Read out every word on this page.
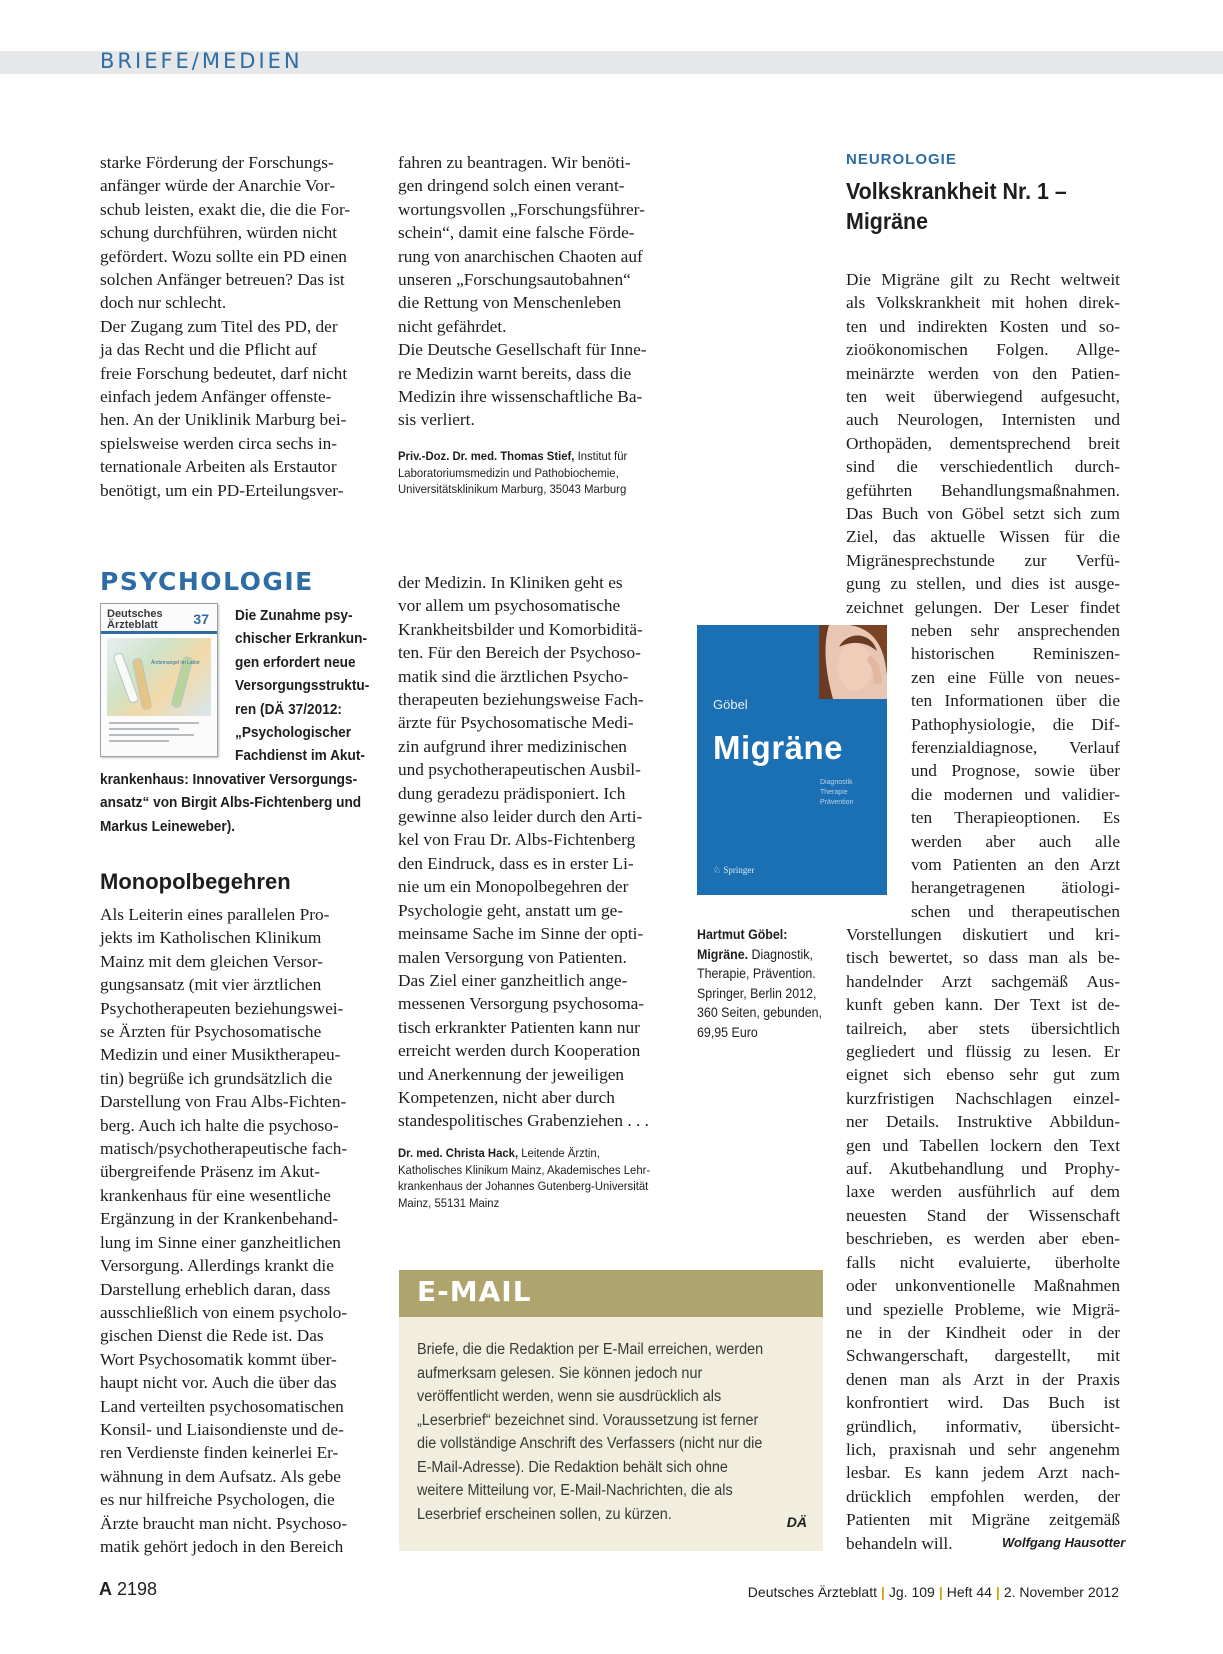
BRIEFE/MEDIEN
starke Förderung der Forschungs-
anfänger würde der Anarchie Vor-
schub leisten, exakt die, die die For-
schung durchführen, würden nicht
gefördert. Wozu sollte ein PD einen
solchen Anfänger betreuen? Das ist
doch nur schlecht.
Der Zugang zum Titel des PD, der
ja das Recht und die Pflicht auf
freie Forschung bedeutet, darf nicht
einfach jedem Anfänger offenste-
hen. An der Uniklinik Marburg bei-
spielsweise werden circa sechs in-
ternationale Arbeiten als Erstautor
benötigt, um ein PD-Erteilungsver-
fahren zu beantragen. Wir benöti-
gen dringend solch einen verant-
wortungsvollen „Forschungsführer-
schein“, damit eine falsche Förde-
rung von anarchischen Chaoten auf
unseren „Forschungsautobahnen“
die Rettung von Menschenleben
nicht gefährdet.
Die Deutsche Gesellschaft für Inne-
re Medizin warnt bereits, dass die
Medizin ihre wissenschaftliche Ba-
sis verliert.
Priv.-Doz. Dr. med. Thomas Stief, Institut für
Laboratoriumsmedizin und Pathobiochemie,
Universitätsklinikum Marburg, 35043 Marburg
PSYCHOLOGIE
Deutsches
Ärzteblatt	37
Ärztemangel im Labor
Die Zunahme psy-
chischer Erkrankun-
gen erfordert neue
Versorgungsstruktu-
ren (DÄ 37/2012:
„Psychologischer
Fachdienst im Akut-
krankenhaus: Innovativer Versorgungs-
ansatz“ von Birgit Albs-Fichtenberg und
Markus Leineweber).
Monopolbegehren
Als Leiterin eines parallelen Pro-
jekts im Katholischen Klinikum
Mainz mit dem gleichen Versor-
gungsansatz (mit vier ärztlichen
Psychotherapeuten beziehungswei-
se Ärzten für Psychosomatische
Medizin und einer Musiktherapeu-
tin) begrüße ich grundsätzlich die
Darstellung von Frau Albs-Fichten-
berg. Auch ich halte die psychoso-
matisch/psychotherapeutische fach-
übergreifende Präsenz im Akut-
krankenhaus für eine wesentliche
Ergänzung in der Krankenbehand-
lung im Sinne einer ganzheitlichen
Versorgung. Allerdings krankt die
Darstellung erheblich daran, dass
ausschließlich von einem psycholo-
gischen Dienst die Rede ist. Das
Wort Psychosomatik kommt über-
haupt nicht vor. Auch die über das
Land verteilten psychosomatischen
Konsil- und Liaisondienste und de-
ren Verdienste finden keinerlei Er-
wähnung in dem Aufsatz. Als gebe
es nur hilfreiche Psychologen, die
Ärzte braucht man nicht. Psychoso-
matik gehört jedoch in den Bereich
der Medizin. In Kliniken geht es
vor allem um psychosomatische
Krankheitsbilder und Komorbiditä-
ten. Für den Bereich der Psychoso-
matik sind die ärztlichen Psycho-
therapeuten beziehungsweise Fach-
ärzte für Psychosomatische Medi-
zin aufgrund ihrer medizinischen
und psychotherapeutischen Ausbil-
dung geradezu prädisponiert. Ich
gewinne also leider durch den Arti-
kel von Frau Dr. Albs-Fichtenberg
den Eindruck, dass es in erster Li-
nie um ein Monopolbegehren der
Psychologie geht, anstatt um ge-
meinsame Sache im Sinne der opti-
malen Versorgung von Patienten.
Das Ziel einer ganzheitlich ange-
messenen Versorgung psychosoma-
tisch erkrankter Patienten kann nur
erreicht werden durch Kooperation
und Anerkennung der jeweiligen
Kompetenzen, nicht aber durch
standespolitisches Grabenziehen . . .
Dr. med. Christa Hack, Leitende Ärztin,
Katholisches Klinikum Mainz, Akademisches Lehr-
krankenhaus der Johannes Gutenberg-Universität
Mainz, 55131 Mainz
E-MAIL
Briefe, die die Redaktion per E-Mail erreichen, werden aufmerksam gelesen. Sie können jedoch nur veröffentlicht werden, wenn sie ausdrücklich als „Leserbrief“ bezeichnet sind. Voraussetzung ist ferner die vollständige Anschrift des Verfassers (nicht nur die E-Mail-Adresse). Die Redaktion behält sich ohne weitere Mitteilung vor, E-Mail-Nachrichten, die als Leserbrief erscheinen sollen, zu kürzen.	DÄ
Göbel
Migräne
Diagnostik
Therapie
Prävention
♘ Springer
Hartmut Göbel:
Migräne. Diagnostik,
Therapie, Prävention.
Springer, Berlin 2012,
360 Seiten, gebunden,
69,95 Euro
NEUROLOGIE
Volkskrankheit Nr. 1 –
Migräne
Die Migräne gilt zu Recht weltweit
als Volkskrankheit mit hohen direk-
ten und indirekten Kosten und so-
zioökonomischen Folgen. Allge-
meinärzte werden von den Patien-
ten weit überwiegend aufgesucht,
auch Neurologen, Internisten und
Orthopäden, dementsprechend breit
sind die verschiedentlich durch-
geführten Behandlungsmaßnahmen.
Das Buch von Göbel setzt sich zum
Ziel, das aktuelle Wissen für die
Migränesprechstunde zur Verfü-
gung zu stellen, und dies ist ausge-
zeichnet gelungen. Der Leser findet
neben sehr ansprechenden
historischen Reminiszen-
zen eine Fülle von neues-
ten Informationen über die
Pathophysiologie, die Dif-
ferenzialdiagnose, Verlauf
und Prognose, sowie über
die modernen und validier-
ten Therapieoptionen. Es
werden aber auch alle
vom Patienten an den Arzt
herangetragenen ätiologi-
schen und therapeutischen
Vorstellungen diskutiert und kri-
tisch bewertet, so dass man als be-
handelnder Arzt sachgemäß Aus-
kunft geben kann. Der Text ist de-
tailreich, aber stets übersichtlich
gegliedert und flüssig zu lesen. Er
eignet sich ebenso sehr gut zum
kurzfristigen Nachschlagen einzel-
ner Details. Instruktive Abbildun-
gen und Tabellen lockern den Text
auf. Akutbehandlung und Prophy-
laxe werden ausführlich auf dem
neuesten Stand der Wissenschaft
beschrieben, es werden aber eben-
falls nicht evaluierte, überholte
oder unkonventionelle Maßnahmen
und spezielle Probleme, wie Migrä-
ne in der Kindheit oder in der
Schwangerschaft, dargestellt, mit
denen man als Arzt in der Praxis
konfrontiert wird. Das Buch ist
gründlich, informativ, übersicht-
lich, praxisnah und sehr angenehm
lesbar. Es kann jedem Arzt nach-
drücklich empfohlen werden, der
Patienten mit Migräne zeitgemäß
behandeln will.	Wolfgang Hausotter
A 2198	Deutsches Ärzteblatt | Jg. 109 | Heft 44 | 2. November 2012
